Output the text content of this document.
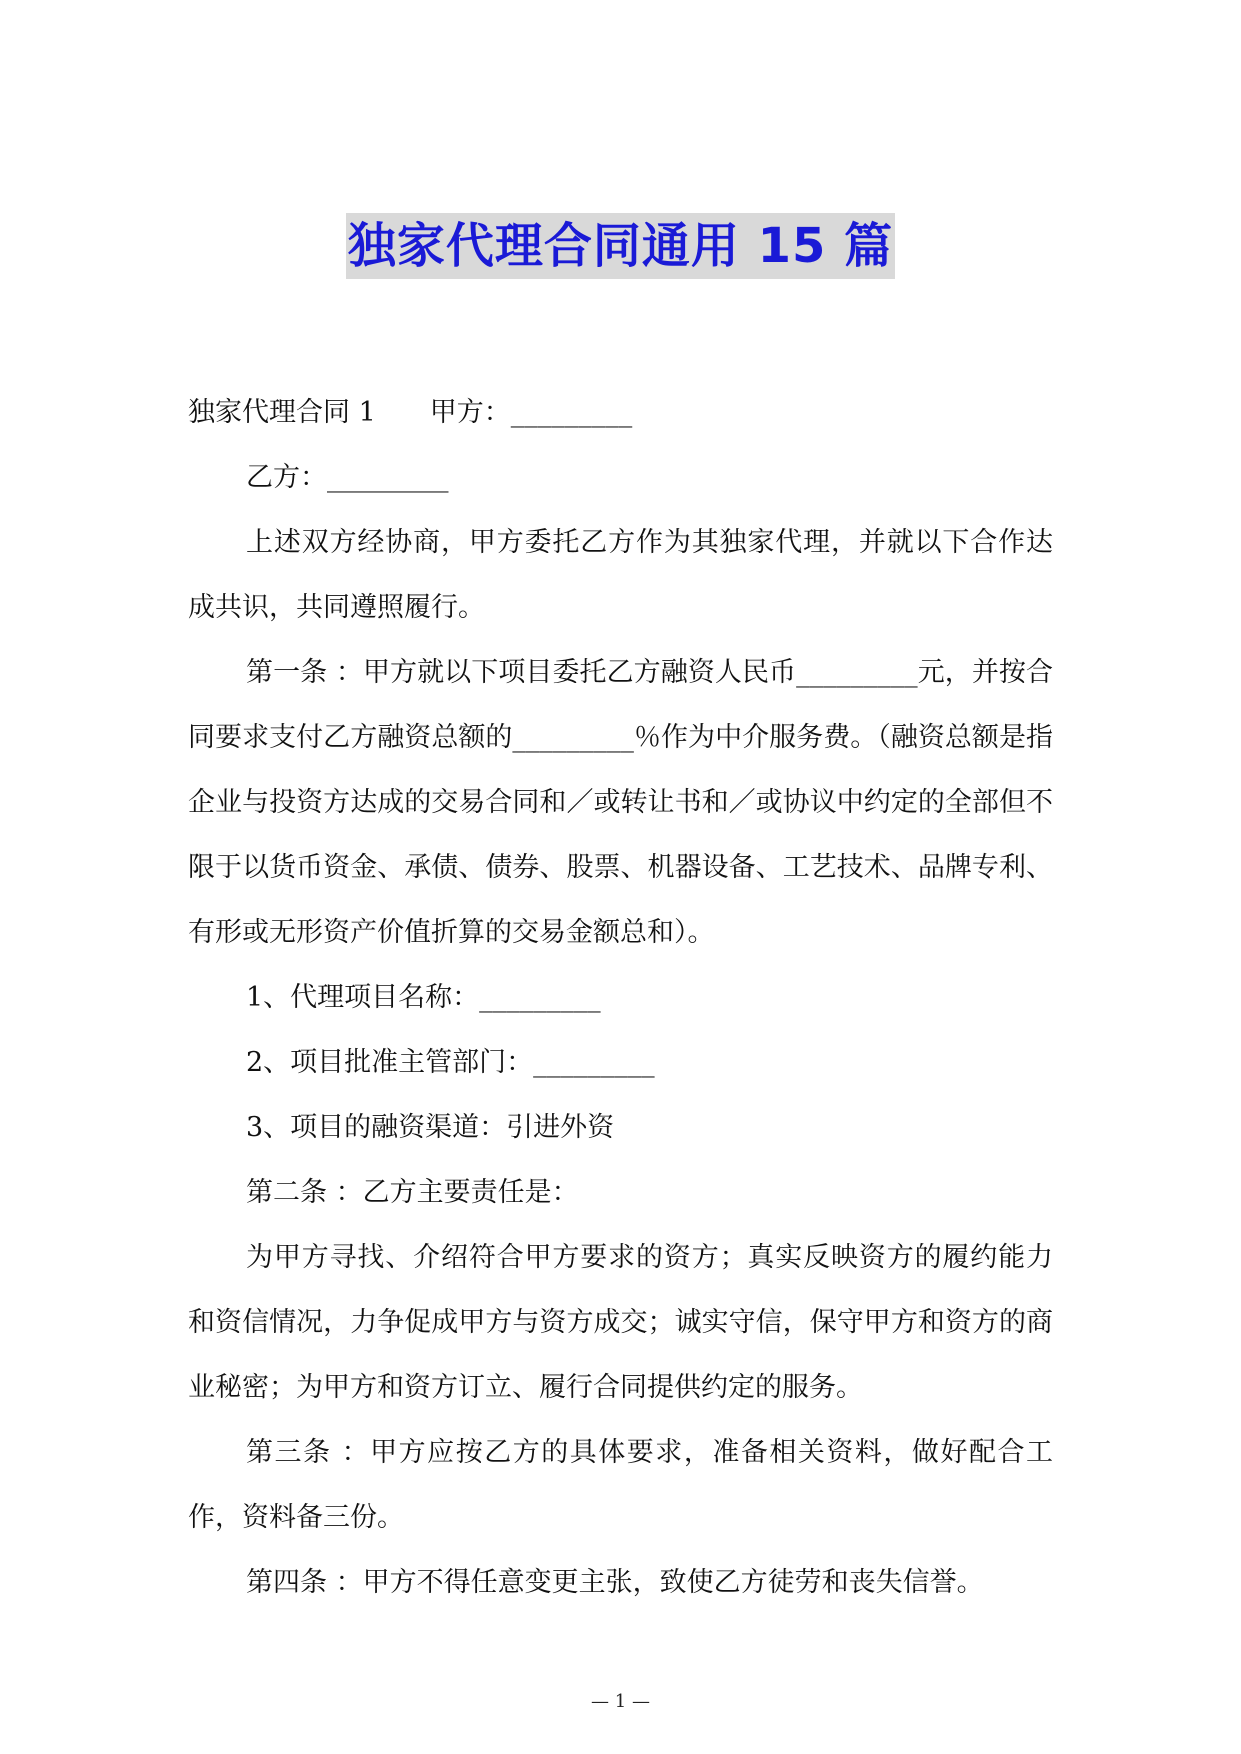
独家代理合同通用 15 篇

独家代理合同 1　　甲方：_________

乙方：_________

上述双方经协商，甲方委托乙方作为其独家代理，并就以下合作达成共识，共同遵照履行。

第一条 ：甲方就以下项目委托乙方融资人民币_________元，并按合同要求支付乙方融资总额的_________％作为中介服务费。（融资总额是指企业与投资方达成的交易合同和／或转让书和／或协议中约定的全部但不限于以货币资金、承债、债券、股票、机器设备、工艺技术、品牌专利、有形或无形资产价值折算的交易金额总和）。

1、代理项目名称：_________

2、项目批准主管部门：_________

3、项目的融资渠道：引进外资

第二条 ：乙方主要责任是：

为甲方寻找、介绍符合甲方要求的资方；真实反映资方的履约能力和资信情况，力争促成甲方与资方成交；诚实守信，保守甲方和资方的商业秘密；为甲方和资方订立、履行合同提供约定的服务。

第三条 ：甲方应按乙方的具体要求，准备相关资料，做好配合工作，资料备三份。

第四条 ：甲方不得任意变更主张，致使乙方徒劳和丧失信誉。

— 1 —
